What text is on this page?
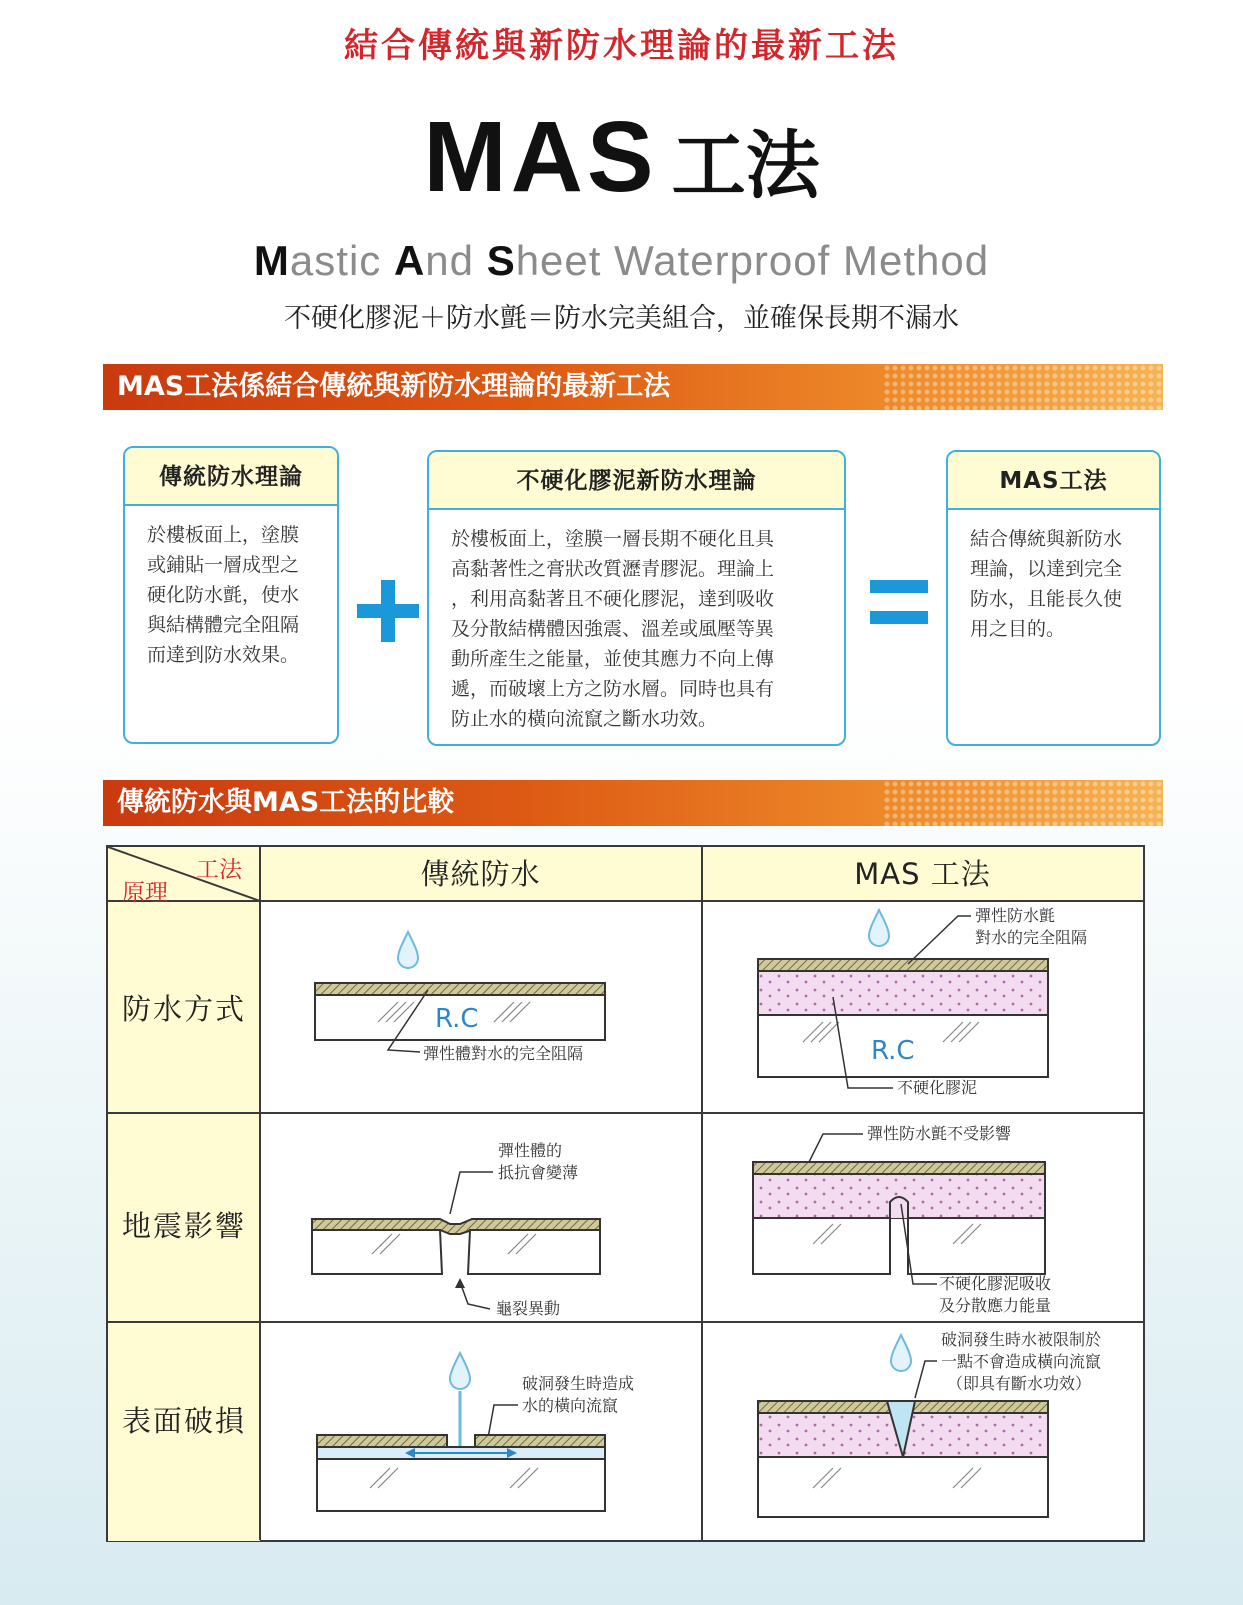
結合傳統與新防水理論的最新工法
MAS 工法
Mastic And Sheet Waterproof Method
不硬化膠泥＋防水氈＝防水完美組合，並確保長期不漏水
MAS工法係結合傳統與新防水理論的最新工法
傳統防水理論
於樓板面上，塗膜
或鋪貼一層成型之
硬化防水氈，使水
與結構體完全阻隔
而達到防水效果。
不硬化膠泥新防水理論
於樓板面上，塗膜一層長期不硬化且具
高黏著性之膏狀改質瀝青膠泥。理論上
，利用高黏著且不硬化膠泥，達到吸收
及分散結構體因強震、溫差或風壓等異
動所產生之能量，並使其應力不向上傳
遞，而破壞上方之防水層。同時也具有
防止水的橫向流竄之斷水功效。
MAS工法
結合傳統與新防水
理論，以達到完全
防水，且能長久使
用之目的。
傳統防水與MAS工法的比較
工法
原理
傳統防水	MAS 工法
防水方式
地震影響
表面破損
R.C
彈性體對水的完全阻隔	R.C
彈性防水氈
對水的完全阻隔
不硬化膠泥
彈性體的
抵抗會變薄
龜裂異動
彈性防水氈不受影響
不硬化膠泥吸收
及分散應力能量
破洞發生時造成
水的橫向流竄
破洞發生時水被限制於
一點不會造成橫向流竄
（即具有斷水功效）
